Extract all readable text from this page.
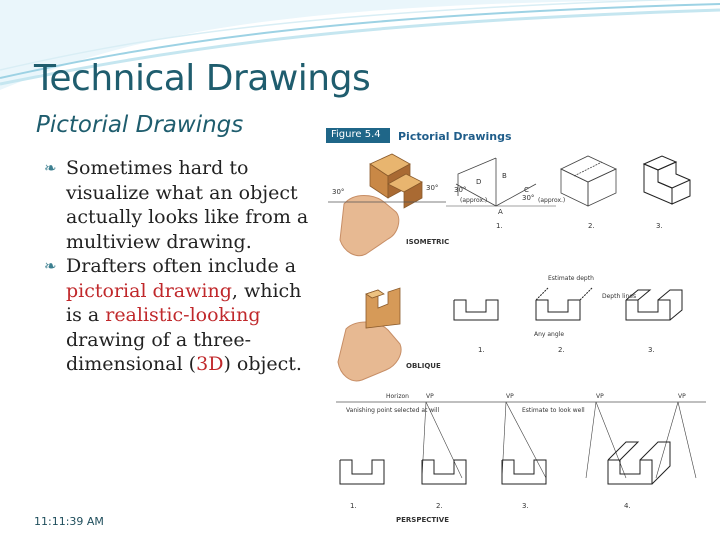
Technical Drawings
Pictorial Drawings
❧ Sometimes hard to visualize what an object actually looks like from a multiview drawing.
❧ Drafters often include a pictorial drawing, which is a realistic-looking drawing of a three-dimensional (3D) object.
11:11:39 AM
Figure 5.4 Pictorial Drawings
30°	30° 30°
30°
D
B
A
C
(approx.)	(approx.)
ISOMETRIC
1.	2.	3.
OBLIQUE
Estimate depth
Depth lines
Any angle
1.	2.	3.
Horizon	VP	VP	VP	VP
Vanishing point selected at will	Estimate to look well
1.	2.	3.	4.
PERSPECTIVE
